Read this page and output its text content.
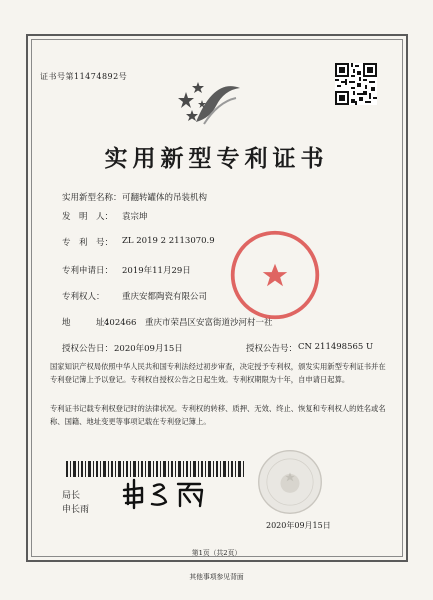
证书号第11474892号
实用新型专利证书
实用新型名称： 可翻转罐体的吊装机构
发　明　人： 袁宗坤
专　利　号： ZL 2019 2 2113070.9
专利申请日： 2019年11月29日
专利权人： 重庆安都陶瓷有限公司
地　　　址：
402466　重庆市荣昌区安富街道沙河村一社
授权公告日： 2020年09月15日	授权公告号： CN 211498565 U
国家知识产权局依照中华人民共和国专利法经过初步审查，决定授予专利权，颁发实用新型专利证书并在专利登记簿上予以登记。专利权自授权公告之日起生效。专利权期限为十年，自申请日起算。
专利证书记载专利权登记时的法律状况。专利权的转移、质押、无效、终止、恢复和专利权人的姓名或名称、国籍、地址变更等事项记载在专利登记簿上。
局长
申长雨
2020年09月15日
第1页（共2页）
其他事项参见背面
